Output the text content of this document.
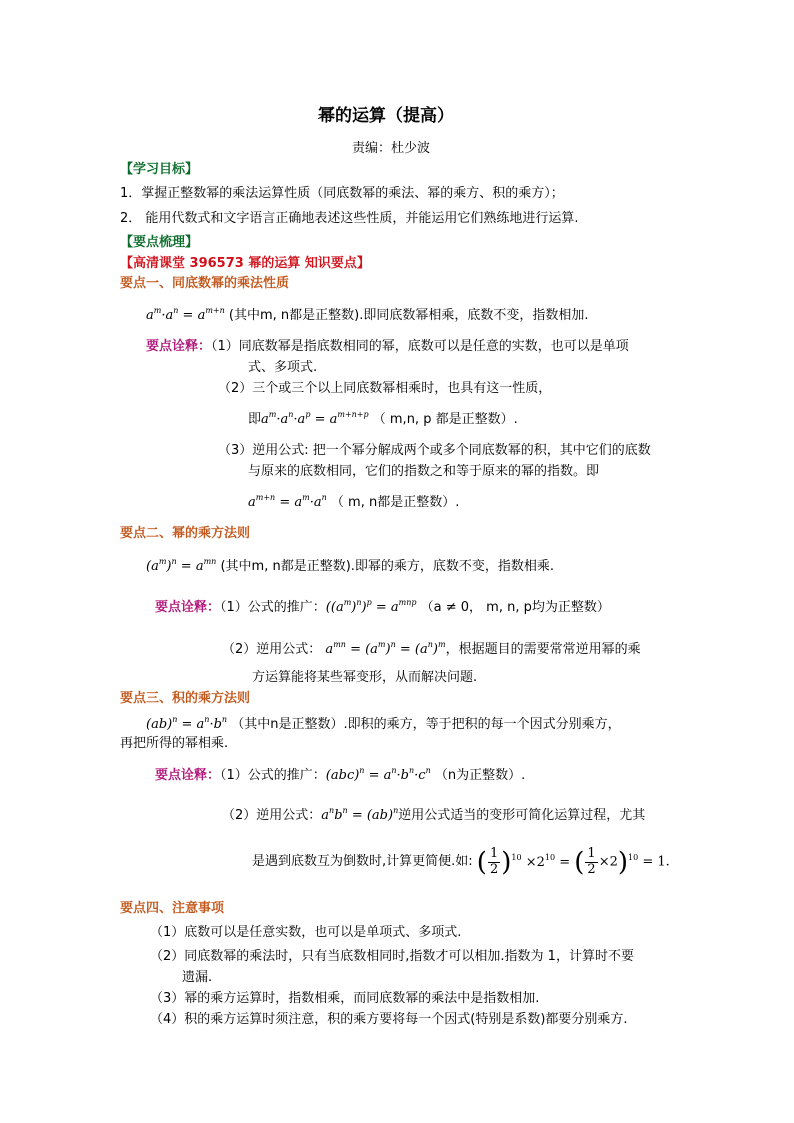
幂的运算（提高）
责编：杜少波
【学习目标】
1．掌握正整数幂的乘法运算性质（同底数幂的乘法、幂的乘方、积的乘方）；
2． 能用代数式和文字语言正确地表述这些性质，并能运用它们熟练地进行运算.
【要点梳理】
【高清课堂 396573 幂的运算 知识要点】
要点一、同底数幂的乘法性质
$a^m\cdot a^n = a^{m+n}$ (其中m, n都是正整数).即同底数幂相乘，底数不变，指数相加.
要点诠释：（1）同底数幂是指底数相同的幂，底数可以是任意的实数，也可以是单项
式、多项式.
（2）三个或三个以上同底数幂相乘时，也具有这一性质，
即$a^m\cdot a^n\cdot a^p = a^{m+n+p}$ （ m,n, p 都是正整数）.
（3）逆用公式: 把一个幂分解成两个或多个同底数幂的积，其中它们的底数
与原来的底数相同，它们的指数之和等于原来的幂的指数。即
$a^{m+n} = a^m\cdot a^n$ （ m, n都是正整数）.
要点二、幂的乘方法则
$(a^m)^n = a^{mn}$ (其中m, n都是正整数).即幂的乘方，底数不变，指数相乘.
要点诠释：（1）公式的推广：$((a^m)^n)^p = a^{mnp}$ （a ≠ 0， m, n, p均为正整数）
（2）逆用公式： $a^{mn} = (a^m)^n = (a^n)^m$，根据题目的需要常常逆用幂的乘
方运算能将某些幂变形，从而解决问题.
要点三、积的乘方法则
$(ab)^n = a^n\cdot b^n$ （其中n是正整数）.即积的乘方，等于把积的每一个因式分别乘方，
再把所得的幂相乘.
要点诠释：（1）公式的推广：$(abc)^n = a^n\cdot b^n\cdot c^n$ （n为正整数）.
（2）逆用公式：$a^nb^n = (ab)^n$逆用公式适当的变形可简化运算过程，尤其
是遇到底数互为倒数时,计算更简便.如: ( $\frac{1}{2} )^{10} \times 2^{10}$ = ( $\frac{1}{2} \times 2)^{10} = 1$.
要点四、注意事项
（1）底数可以是任意实数，也可以是单项式、多项式.
（2）同底数幂的乘法时，只有当底数相同时,指数才可以相加.指数为 1，计算时不要
遗漏.
（3）幂的乘方运算时，指数相乘，而同底数幂的乘法中是指数相加.
（4）积的乘方运算时须注意，积的乘方要将每一个因式(特别是系数)都要分别乘方.
